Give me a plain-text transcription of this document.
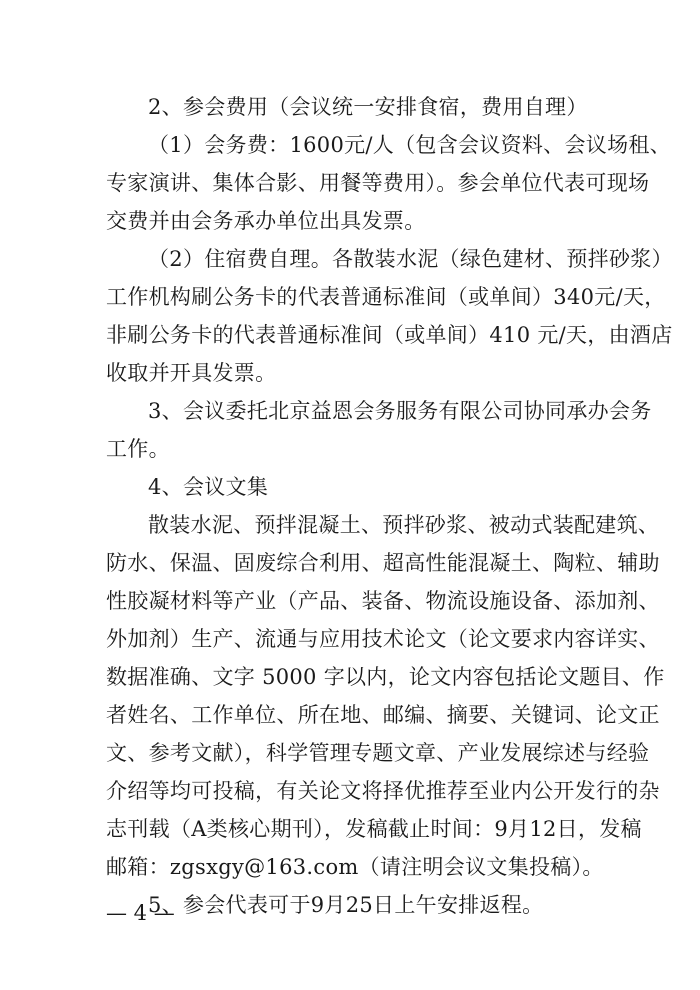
2、参会费用（会议统一安排食宿，费用自理）
（1）会务费：1600元/人（包含会议资料、会议场租、
专家演讲、集体合影、用餐等费用）。参会单位代表可现场
交费并由会务承办单位出具发票。
（2）住宿费自理。各散装水泥（绿色建材、预拌砂浆）
工作机构刷公务卡的代表普通标准间（或单间）340元/天，
非刷公务卡的代表普通标准间（或单间）410 元/天，由酒店
收取并开具发票。
3、会议委托北京益恩会务服务有限公司协同承办会务
工作。
4、会议文集
散装水泥、预拌混凝土、预拌砂浆、被动式装配建筑、
防水、保温、固废综合利用、超高性能混凝土、陶粒、辅助
性胶凝材料等产业（产品、装备、物流设施设备、添加剂、
外加剂）生产、流通与应用技术论文（论文要求内容详实、
数据准确、文字 5000 字以内，论文内容包括论文题目、作
者姓名、工作单位、所在地、邮编、摘要、关键词、论文正
文、参考文献），科学管理专题文章、产业发展综述与经验
介绍等均可投稿，有关论文将择优推荐至业内公开发行的杂
志刊载（A类核心期刊），发稿截止时间：9月12日，发稿
邮箱：zgsxgy@163.com（请注明会议文集投稿）。
5、参会代表可于9月25日上午安排返程。
— 4 —
